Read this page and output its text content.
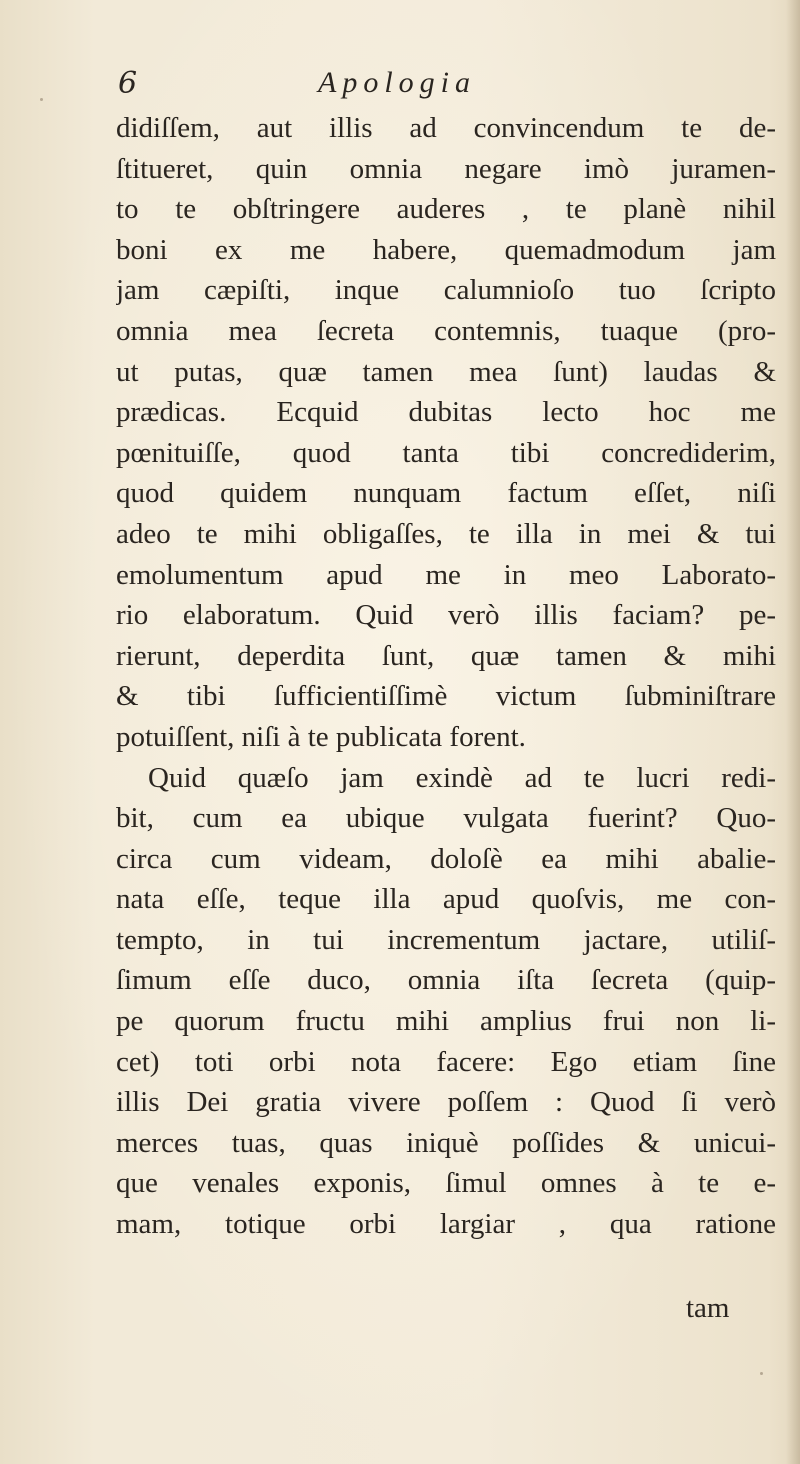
6	Apologia
didiſſem, aut illis ad convincendum te de-
ſtitueret, quin omnia negare imò juramen-
to te obſtringere auderes , te planè nihil
boni ex me habere, quemadmodum jam
jam cæpiſti, inque calumnioſo tuo ſcripto
omnia mea ſecreta contemnis, tuaque (pro-
ut putas, quæ tamen mea ſunt) laudas &
prædicas. Ecquid dubitas lecto hoc me
pœnituiſſe, quod tanta tibi concrediderim,
quod quidem nunquam factum eſſet, niſi
adeo te mihi obligaſſes, te illa in mei & tui
emolumentum apud me in meo Laborato-
rio elaboratum. Quid verò illis faciam? pe-
rierunt, deperdita ſunt, quæ tamen & mihi
& tibi ſufficientiſſimè victum ſubminiſtrare
potuiſſent, niſi à te publicata forent.
Quid quæſo jam exindè ad te lucri redi-
bit, cum ea ubique vulgata fuerint? Quo-
circa cum videam, doloſè ea mihi abalie-
nata eſſe, teque illa apud quoſvis, me con-
tempto, in tui incrementum jactare, utiliſ-
ſimum eſſe duco, omnia iſta ſecreta (quip-
pe quorum fructu mihi amplius frui non li-
cet) toti orbi nota facere: Ego etiam ſine
illis Dei gratia vivere poſſem : Quod ſi verò
merces tuas, quas iniquè poſſides & unicui-
que venales exponis, ſimul omnes à te e-
mam, totique orbi largiar , qua ratione
tam
